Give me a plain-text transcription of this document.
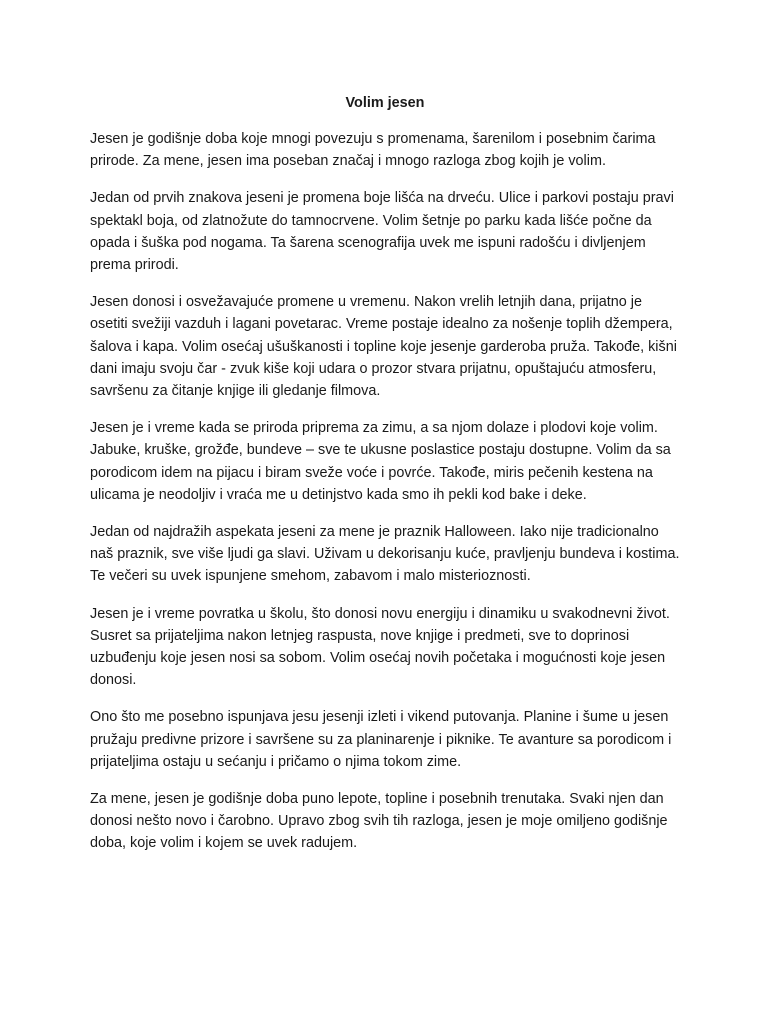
Volim jesen

Jesen je godišnje doba koje mnogi povezuju s promenama, šarenilom i posebnim čarima prirode. Za mene, jesen ima poseban značaj i mnogo razloga zbog kojih je volim.

Jedan od prvih znakova jeseni je promena boje lišća na drveću. Ulice i parkovi postaju pravi spektakl boja, od zlatnožute do tamnocrvene. Volim šetnje po parku kada lišće počne da opada i šuška pod nogama. Ta šarena scenografija uvek me ispuni radošću i divljenjem prema prirodi.

Jesen donosi i osvežavajuće promene u vremenu. Nakon vrelih letnjih dana, prijatno je osetiti svežiji vazduh i lagani povetarac. Vreme postaje idealno za nošenje toplih džempera, šalova i kapa. Volim osećaj ušuškanosti i topline koje jesenje garderoba pruža. Takođe, kišni dani imaju svoju čar - zvuk kiše koji udara o prozor stvara prijatnu, opuštajuću atmosferu, savršenu za čitanje knjige ili gledanje filmova.

Jesen je i vreme kada se priroda priprema za zimu, a sa njom dolaze i plodovi koje volim. Jabuke, kruške, grožđe, bundeve – sve te ukusne poslastice postaju dostupne. Volim da sa porodicom idem na pijacu i biram sveže voće i povrće. Takođe, miris pečenih kestena na ulicama je neodoljiv i vraća me u detinjstvo kada smo ih pekli kod bake i deke.

Jedan od najdražih aspekata jeseni za mene je praznik Halloween. Iako nije tradicionalno naš praznik, sve više ljudi ga slavi. Uživam u dekorisanju kuće, pravljenju bundeva i kostima. Te večeri su uvek ispunjene smehom, zabavom i malo misterioznosti.

Jesen je i vreme povratka u školu, što donosi novu energiju i dinamiku u svakodnevni život. Susret sa prijateljima nakon letnjeg raspusta, nove knjige i predmeti, sve to doprinosi uzbuđenju koje jesen nosi sa sobom. Volim osećaj novih početaka i mogućnosti koje jesen donosi.

Ono što me posebno ispunjava jesu jesenji izleti i vikend putovanja. Planine i šume u jesen pružaju predivne prizore i savršene su za planinarenje i piknike. Te avanture sa porodicom i prijateljima ostaju u sećanju i pričamo o njima tokom zime.

Za mene, jesen je godišnje doba puno lepote, topline i posebnih trenutaka. Svaki njen dan donosi nešto novo i čarobno. Upravo zbog svih tih razloga, jesen je moje omiljeno godišnje doba, koje volim i kojem se uvek radujem.
